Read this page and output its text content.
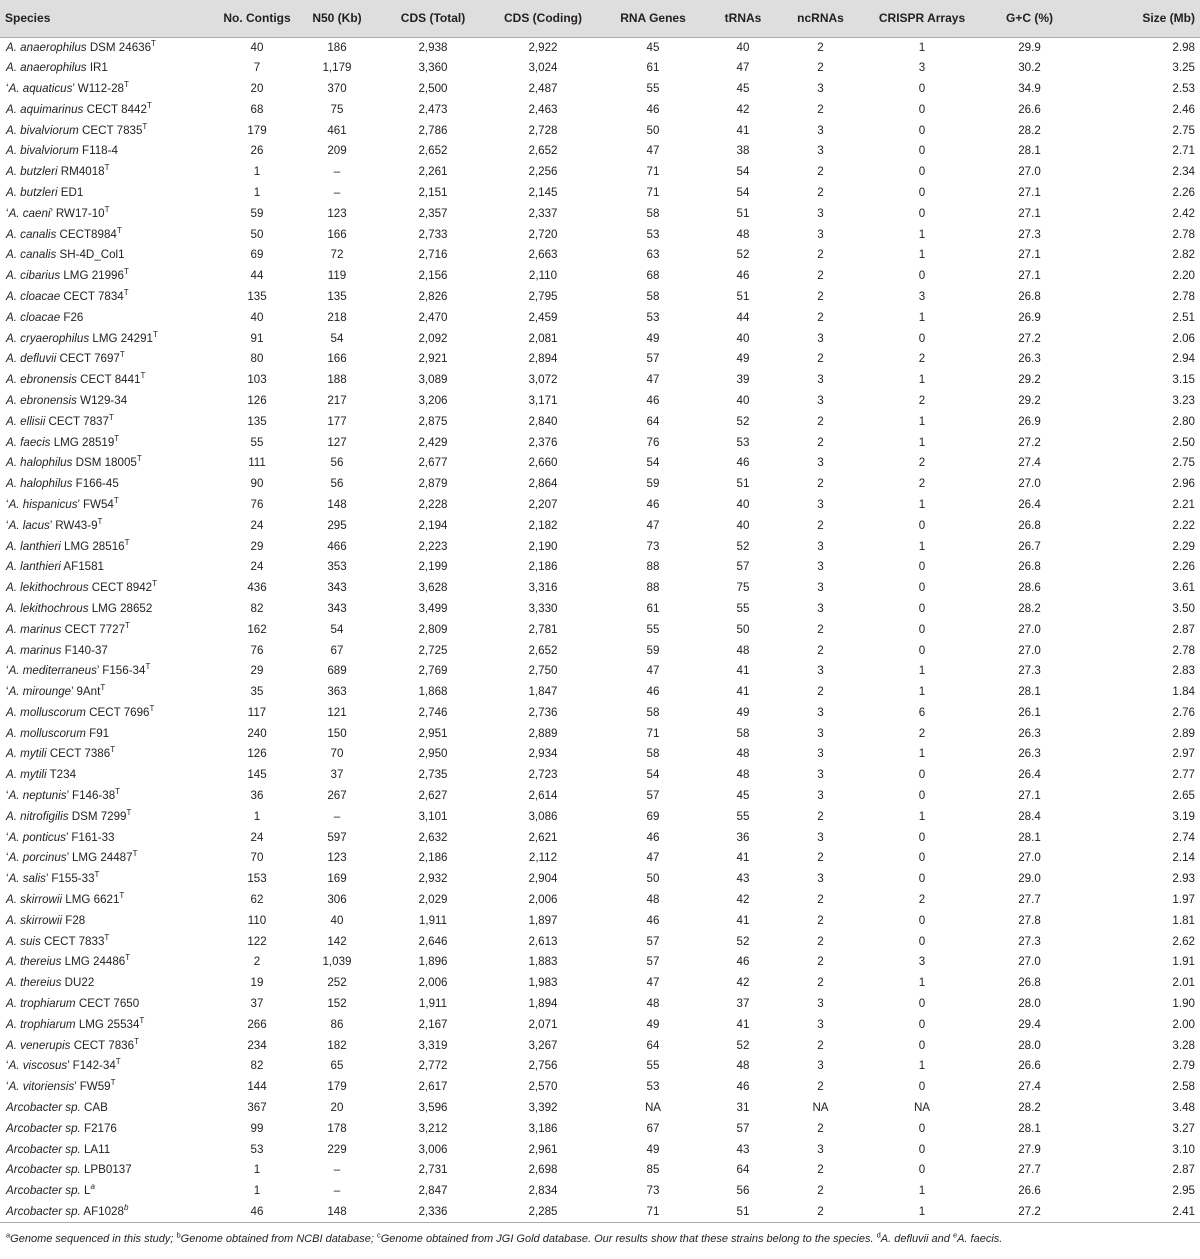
Species	No. Contigs	N50 (Kb)	CDS (Total)	CDS (Coding)	RNA Genes	tRNAs	ncRNAs	CRISPR Arrays	G+C (%)	Size (Mb)
A. anaerophilus DSM $24636^T$	40	186	2,938	2,922	45	40	2	1	29.9	2.98
A. anaerophilus IR1	7	1,179	3,360	3,024	61	47	2	3	30.2	3.25
‘A. aquaticus’ $W112-28^T$	20	370	2,500	2,487	55	45	3	0	34.9	2.53
A. aquimarinus CECT $8442^T$	68	75	2,473	2,463	46	42	2	0	26.6	2.46
A. bivalviorum CECT $7835^T$	179	461	2,786	2,728	50	41	3	0	28.2	2.75
A. bivalviorum F118-4	26	209	2,652	2,652	47	38	3	0	28.1	2.71
A. butzleri $RM4018^T$	1	–	2,261	2,256	71	54	2	0	27.0	2.34
A. butzleri ED1	1	–	2,151	2,145	71	54	2	0	27.1	2.26
‘A. caeni’ $RW17-10^T$	59	123	2,357	2,337	58	51	3	0	27.1	2.42
A. canalis $CECT8984^T$	50	166	2,733	2,720	53	48	3	1	27.3	2.78
A. canalis SH-4D_Col1	69	72	2,716	2,663	63	52	2	1	27.1	2.82
A. cibarius LMG $21996^T$	44	119	2,156	2,110	68	46	2	0	27.1	2.20
A. cloacae CECT $7834^T$	135	135	2,826	2,795	58	51	2	3	26.8	2.78
A. cloacae F26	40	218	2,470	2,459	53	44	2	1	26.9	2.51
A. cryaerophilus LMG $24291^T$	91	54	2,092	2,081	49	40	3	0	27.2	2.06
A. defluvii CECT $7697^T$	80	166	2,921	2,894	57	49	2	2	26.3	2.94
A. ebronensis CECT $8441^T$	103	188	3,089	3,072	47	39	3	1	29.2	3.15
A. ebronensis W129-34	126	217	3,206	3,171	46	40	3	2	29.2	3.23
A. ellisii CECT $7837^T$	135	177	2,875	2,840	64	52	2	1	26.9	2.80
A. faecis LMG $28519^T$	55	127	2,429	2,376	76	53	2	1	27.2	2.50
A. halophilus DSM $18005^T$	111	56	2,677	2,660	54	46	3	2	27.4	2.75
A. halophilus F166-45	90	56	2,879	2,864	59	51	2	2	27.0	2.96
‘A. hispanicus’ $FW54^T$	76	148	2,228	2,207	46	40	3	1	26.4	2.21
‘A. lacus’ $RW43-9^T$	24	295	2,194	2,182	47	40	2	0	26.8	2.22
A. lanthieri LMG $28516^T$	29	466	2,223	2,190	73	52	3	1	26.7	2.29
A. lanthieri AF1581	24	353	2,199	2,186	88	57	3	0	26.8	2.26
A. lekithochrous CECT $8942^T$	436	343	3,628	3,316	88	75	3	0	28.6	3.61
A. lekithochrous LMG 28652	82	343	3,499	3,330	61	55	3	0	28.2	3.50
A. marinus CECT $7727^T$	162	54	2,809	2,781	55	50	2	0	27.0	2.87
A. marinus F140-37	76	67	2,725	2,652	59	48	2	0	27.0	2.78
‘A. mediterraneus’ $F156-34^T$	29	689	2,769	2,750	47	41	3	1	27.3	2.83
‘A. mirounge’ 9Ant$^T$	35	363	1,868	1,847	46	41	2	1	28.1	1.84
A. molluscorum CECT $7696^T$	117	121	2,746	2,736	58	49	3	6	26.1	2.76
A. molluscorum F91	240	150	2,951	2,889	71	58	3	2	26.3	2.89
A. mytili CECT $7386^T$	126	70	2,950	2,934	58	48	3	1	26.3	2.97
A. mytili T234	145	37	2,735	2,723	54	48	3	0	26.4	2.77
‘A. neptunis’ $F146-38^T$	36	267	2,627	2,614	57	45	3	0	27.1	2.65
A. nitrofigilis DSM $7299^T$	1	–	3,101	3,086	69	55	2	1	28.4	3.19
‘A. ponticus’ F161-33	24	597	2,632	2,621	46	36	3	0	28.1	2.74
‘A. porcinus’ LMG $24487^T$	70	123	2,186	2,112	47	41	2	0	27.0	2.14
‘A. salis’ $F155-33^T$	153	169	2,932	2,904	50	43	3	0	29.0	2.93
A. skirrowii LMG $6621^T$	62	306	2,029	2,006	48	42	2	2	27.7	1.97
A. skirrowii F28	110	40	1,911	1,897	46	41	2	0	27.8	1.81
A. suis CECT $7833^T$	122	142	2,646	2,613	57	52	2	0	27.3	2.62
A. thereius LMG $24486^T$	2	1,039	1,896	1,883	57	46	2	3	27.0	1.91
A. thereius DU22	19	252	2,006	1,983	47	42	2	1	26.8	2.01
A. trophiarum CECT 7650	37	152	1,911	1,894	48	37	3	0	28.0	1.90
A. trophiarum LMG $25534^T$	266	86	2,167	2,071	49	41	3	0	29.4	2.00
A. venerupis CECT $7836^T$	234	182	3,319	3,267	64	52	2	0	28.0	3.28
‘A. viscosus’ $F142-34^T$	82	65	2,772	2,756	55	48	3	1	26.6	2.79
‘A. vitoriensis’ $FW59^T$	144	179	2,617	2,570	53	46	2	0	27.4	2.58
Arcobacter sp. CAB	367	20	3,596	3,392	NA	31	NA	NA	28.2	3.48
Arcobacter sp. F2176	99	178	3,212	3,186	67	57	2	0	28.1	3.27
Arcobacter sp. LA11	53	229	3,006	2,961	49	43	3	0	27.9	3.10
Arcobacter sp. LPB0137	1	–	2,731	2,698	85	64	2	0	27.7	2.87
Arcobacter sp. $L^a$	1	–	2,847	2,834	73	56	2	1	26.6	2.95
Arcobacter sp. AF1028$^b$	46	148	2,336	2,285	71	51	2	1	27.2	2.41
$^a$Genome sequenced in this study; $^b$Genome obtained from NCBI database; $^c$Genome obtained from JGI Gold database. Our results show that these strains belong to the species. $^d$A. defluvii and $^e$A. faecis.
